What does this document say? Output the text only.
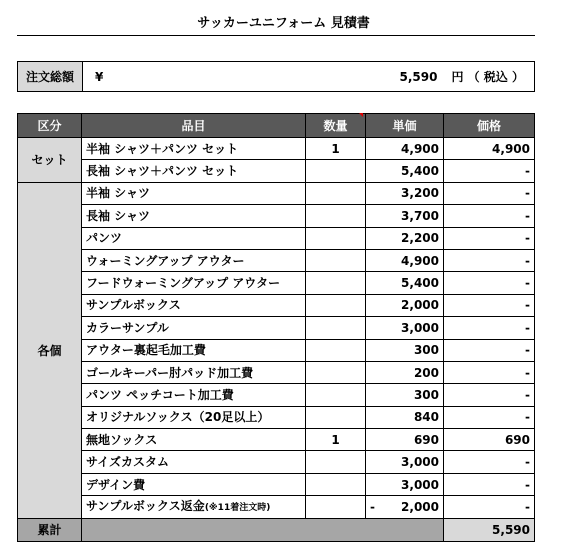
サッカーユニフォーム 見積書
注文総額	¥	5,590 円 （ 税込 ）
区分	品目	数量	単価	価格
セット	半袖 シャツ＋パンツ セット	1	4,900	4,900
	長袖 シャツ＋パンツ セット		5,400	-
各個	半袖 シャツ		3,200	-
	長袖 シャツ		3,700	-
	パンツ		2,200	-
	ウォーミングアップ アウター		4,900	-
	フードウォーミングアップ アウター		5,400	-
	サンプルボックス		2,000	-
	カラーサンプル		3,000	-
	アウター裏起毛加工費		300	-
	ゴールキーパー肘パッド加工費		200	-
	パンツ ペッチコート加工費		300	-
	オリジナルソックス（20足以上）		840	-
	無地ソックス	1	690	690
	サイズカスタム		3,000	-
	デザイン費		3,000	-
	サンプルボックス返金(※11着注文時)		- 2,000	-
累計				5,590
